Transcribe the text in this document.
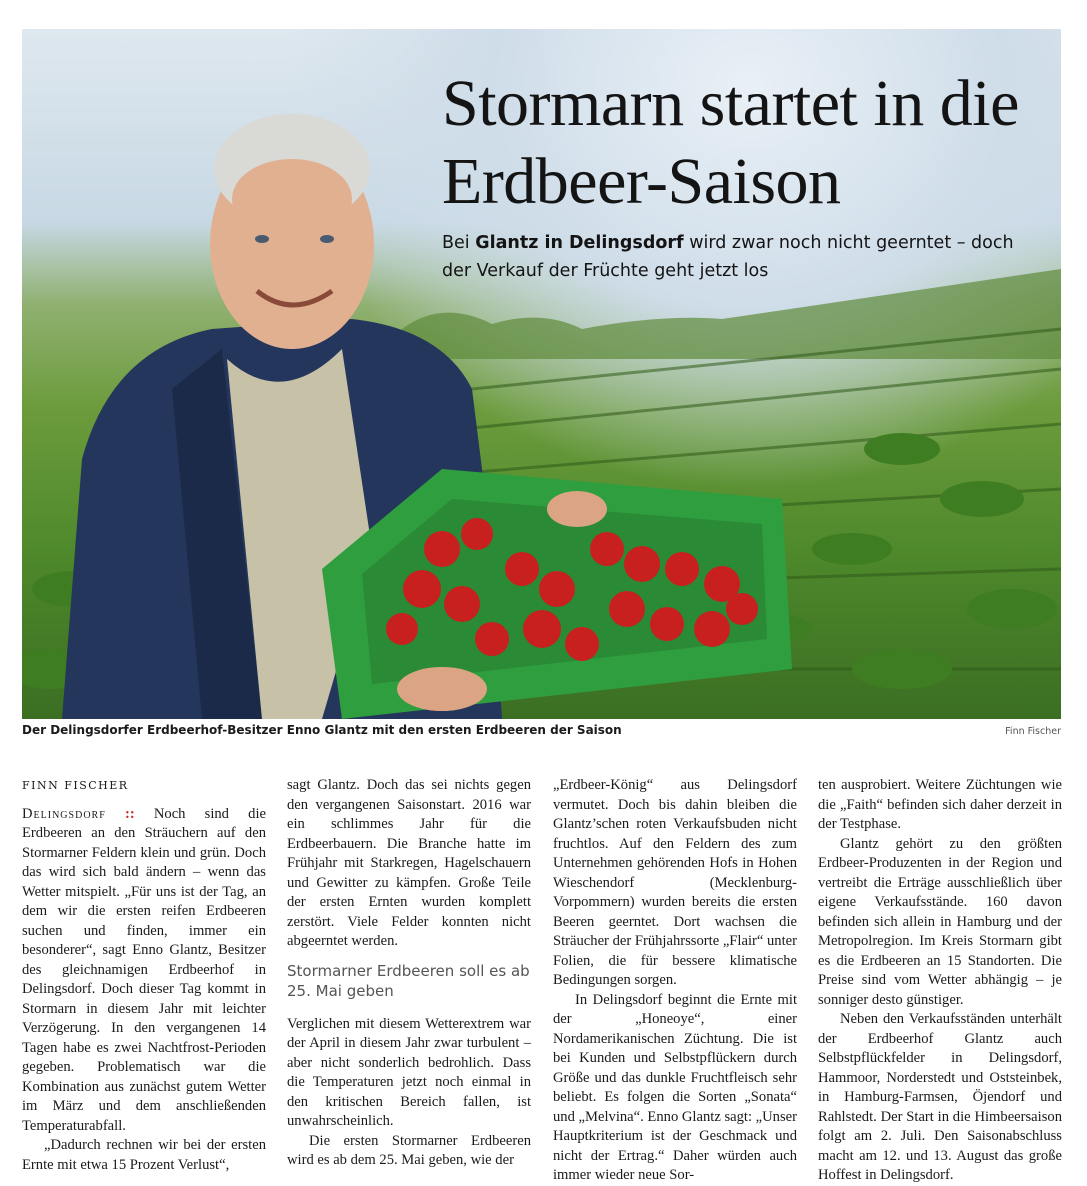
Stormarn startet in die Erdbeer-Saison
Bei Glantz in Delingsdorf wird zwar noch nicht geerntet – doch der Verkauf der Früchte geht jetzt los
Der Delingsdorfer Erdbeerhof-Besitzer Enno Glantz mit den ersten Erdbeeren der Saison	Finn Fischer

FINN FISCHER

Delingsdorf :: Noch sind die Erdbeeren an den Sträuchern auf den Stormarner Feldern klein und grün. Doch das wird sich bald ändern – wenn das Wetter mitspielt. „Für uns ist der Tag, an dem wir die ersten reifen Erdbeeren suchen und finden, immer ein besonderer“, sagt Enno Glantz, Besitzer des gleichnamigen Erdbeerhof in Delingsdorf. Doch dieser Tag kommt in Stormarn in diesem Jahr mit leichter Verzögerung. In den vergangenen 14 Tagen habe es zwei Nachtfrost-Perioden gegeben. Problematisch war die Kombination aus zunächst gutem Wetter im März und dem anschließenden Temperaturabfall.

„Dadurch rechnen wir bei der ersten Ernte mit etwa 15 Prozent Verlust“,

sagt Glantz. Doch das sei nichts gegen den vergangenen Saisonstart. 2016 war ein schlimmes Jahr für die Erdbeerbauern. Die Branche hatte im Frühjahr mit Starkregen, Hagelschauern und Gewitter zu kämpfen. Große Teile der ersten Ernten wurden komplett zerstört. Viele Felder konnten nicht abgeerntet werden.

Stormarner Erdbeeren soll es ab 25. Mai geben

Verglichen mit diesem Wetterextrem war der April in diesem Jahr zwar turbulent – aber nicht sonderlich bedrohlich. Dass die Temperaturen jetzt noch einmal in den kritischen Bereich fallen, ist unwahrscheinlich.

Die ersten Stormarner Erdbeeren wird es ab dem 25. Mai geben, wie der

„Erdbeer-König“ aus Delingsdorf vermutet. Doch bis dahin bleiben die Glantz’schen roten Verkaufsbuden nicht fruchtlos. Auf den Feldern des zum Unternehmen gehörenden Hofs in Hohen Wieschendorf (Mecklenburg-Vorpommern) wurden bereits die ersten Beeren geerntet. Dort wachsen die Sträucher der Frühjahrssorte „Flair“ unter Folien, die für bessere klimatische Bedingungen sorgen.

In Delingsdorf beginnt die Ernte mit der „Honeoye“, einer Nordamerikanischen Züchtung. Die ist bei Kunden und Selbstpflückern durch Größe und das dunkle Fruchtfleisch sehr beliebt. Es folgen die Sorten „Sonata“ und „Melvina“. Enno Glantz sagt: „Unser Hauptkriterium ist der Geschmack und nicht der Ertrag.“ Daher würden auch immer wieder neue Sor-

ten ausprobiert. Weitere Züchtungen wie die „Faith“ befinden sich daher derzeit in der Testphase.

Glantz gehört zu den größten Erdbeer-Produzenten in der Region und vertreibt die Erträge ausschließlich über eigene Verkaufsstände. 160 davon befinden sich allein in Hamburg und der Metropolregion. Im Kreis Stormarn gibt es die Erdbeeren an 15 Standorten. Die Preise sind vom Wetter abhängig – je sonniger desto günstiger.

Neben den Verkaufsständen unterhält der Erdbeerhof Glantz auch Selbstpflückfelder in Delingsdorf, Hammoor, Norderstedt und Oststeinbek, in Hamburg-Farmsen, Öjendorf und Rahlstedt. Der Start in die Himbeersaison folgt am 2. Juli. Den Saisonabschluss macht am 12. und 13. August das große Hoffest in Delingsdorf.
